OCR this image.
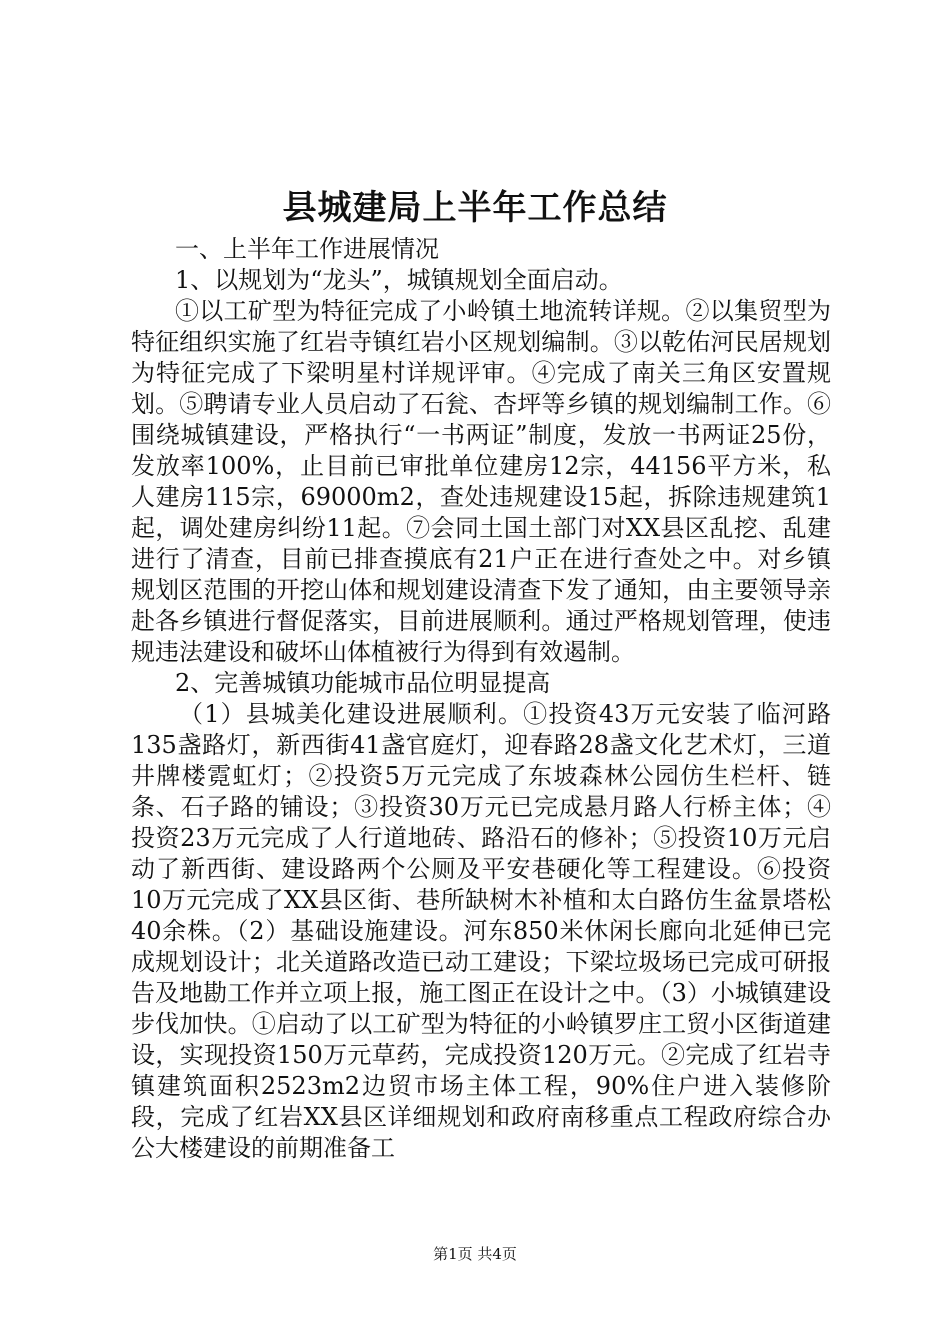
县城建局上半年工作总结

一、上半年工作进展情况

1、以规划为“龙头”，城镇规划全面启动。

①以工矿型为特征完成了小岭镇土地流转详规。②以集贸型为特征组织实施了红岩寺镇红岩小区规划编制。③以乾佑河民居规划为特征完成了下梁明星村详规评审。④完成了南关三角区安置规划。⑤聘请专业人员启动了石瓮、杏坪等乡镇的规划编制工作。⑥围绕城镇建设，严格执行“一书两证”制度，发放一书两证25份，发放率100%，止目前已审批单位建房12宗，44156平方米，私人建房115宗，69000m2，查处违规建设15起，拆除违规建筑1起，调处建房纠纷11起。⑦会同土国土部门对XX县区乱挖、乱建进行了清查，目前已排查摸底有21户正在进行查处之中。对乡镇规划区范围的开挖山体和规划建设清查下发了通知，由主要领导亲赴各乡镇进行督促落实，目前进展顺利。通过严格规划管理，使违规违法建设和破坏山体植被行为得到有效遏制。

2、完善城镇功能城市品位明显提高

（1）县城美化建设进展顺利。①投资43万元安装了临河路135盏路灯，新西街41盏官庭灯，迎春路28盏文化艺术灯，三道井牌楼霓虹灯；②投资5万元完成了东坡森林公园仿生栏杆、链条、石子路的铺设；③投资30万元已完成悬月路人行桥主体；④投资23万元完成了人行道地砖、路沿石的修补；⑤投资10万元启动了新西街、建设路两个公厕及平安巷硬化等工程建设。⑥投资10万元完成了XX县区街、巷所缺树木补植和太白路仿生盆景塔松40余株。（2）基础设施建设。河东850米休闲长廊向北延伸已完成规划设计；北关道路改造已动工建设；下梁垃圾场已完成可研报告及地勘工作并立项上报，施工图正在设计之中。（3）小城镇建设步伐加快。①启动了以工矿型为特征的小岭镇罗庄工贸小区街道建设，实现投资150万元草药，完成投资120万元。②完成了红岩寺镇建筑面积2523m2边贸市场主体工程，90%住户进入装修阶段，完成了红岩XX县区详细规划和政府南移重点工程政府综合办公大楼建设的前期准备工

第1页 共4页
